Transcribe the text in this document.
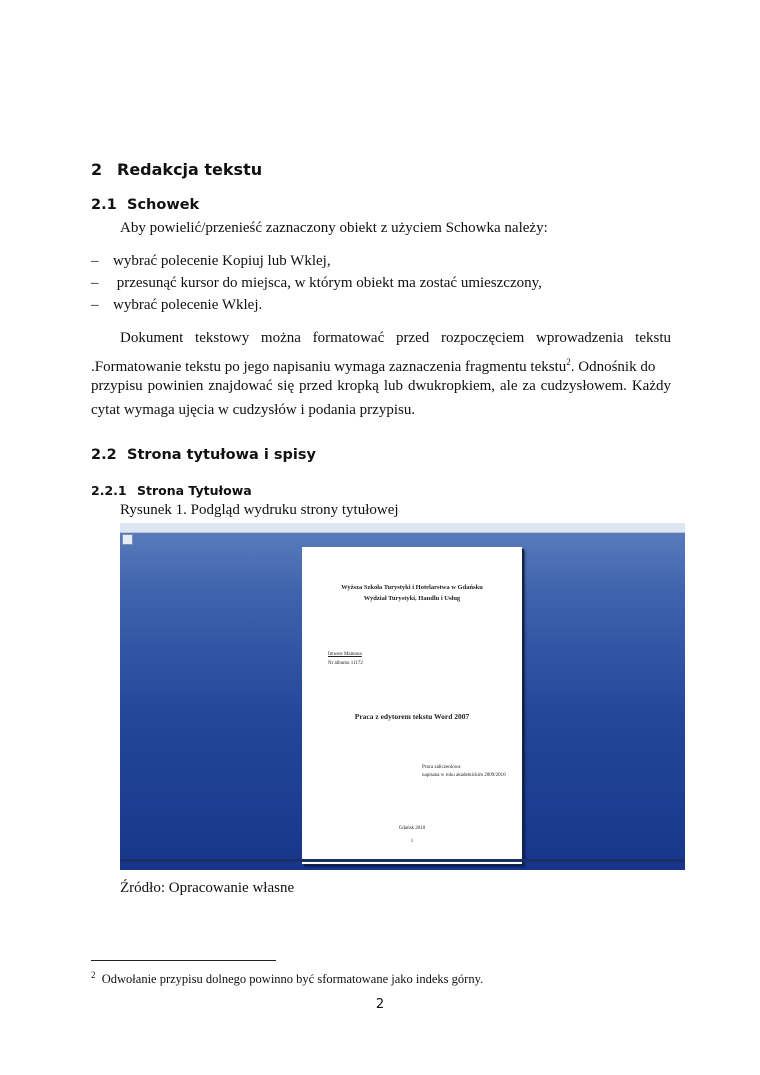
2 Redakcja tekstu
2.1 Schowek
Aby powielić/przenieść zaznaczony obiekt z użyciem Schowka należy:
– wybrać polecenie Kopiuj lub Wklej,
– przesunąć kursor do miejsca, w którym obiekt ma zostać umieszczony,
– wybrać polecenie Wklej.
Dokument tekstowy można formatować przed rozpoczęciem wprowadzenia tekstu
.Formatowanie tekstu po jego napisaniu wymaga zaznaczenia fragmentu tekstu$^2$. Odnośnik do
przypisu powinien znajdować się przed kropką lub dwukropkiem, ale za cudzysłowem. Każdy
cytat wymaga ujęcia w cudzysłów i podania przypisu.
2.2 Strona tytułowa i spisy
2.2.1 Strona Tytułowa
Rysunek 1. Podgląd wydruku strony tytułowej
Wyższa Szkoła Turystyki i Hotelarstwa w Gdańsku
Wydział Turystyki, Handlu i Usług
Imwest Mamona
Nr albumu 11172
Praca z edytorem tekstu Word 2007
Praca zaliczeniowa
napisana w roku akademickim 2009/2010
Gdańsk 2010
1
Źródło: Opracowanie własne
$^2$ Odwołanie przypisu dolnego powinno być sformatowane jako indeks górny.
2
